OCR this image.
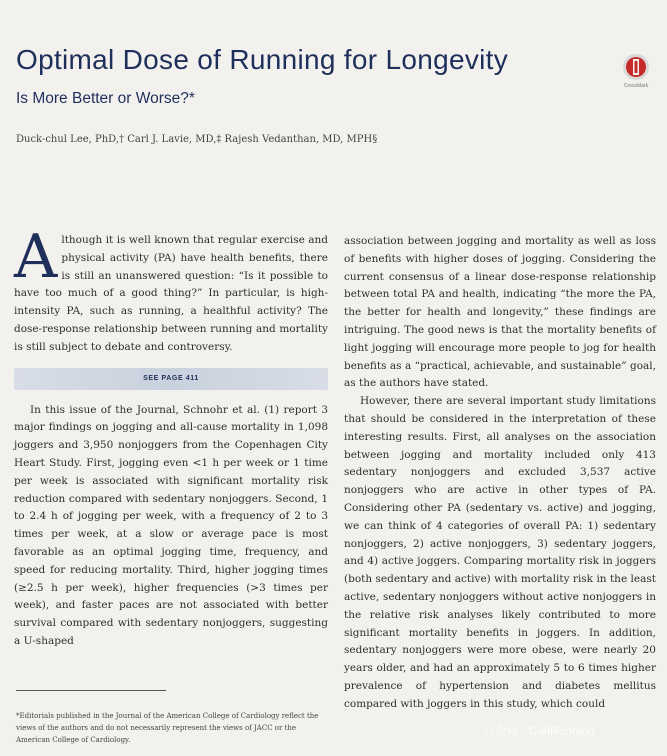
Optimal Dose of Running for Longevity
Is More Better or Worse?*
Duck-chul Lee, PhD,† Carl J. Lavie, MD,‡ Rajesh Vedanthan, MD, MPH§
CrossMark

Although it is well known that regular exercise and physical activity (PA) have health benefits, there is still an unanswered question: “Is it possible to have too much of a good thing?” In particular, is high-intensity PA, such as running, a healthful activity? The dose-response relationship between running and mortality is still subject to debate and controversy.

SEE PAGE 411

In this issue of the Journal, Schnohr et al. (1) report 3 major findings on jogging and all-cause mortality in 1,098 joggers and 3,950 nonjoggers from the Copenhagen City Heart Study. First, jogging even <1 h per week or 1 time per week is associated with significant mortality risk reduction compared with sedentary nonjoggers. Second, 1 to 2.4 h of jogging per week, with a frequency of 2 to 3 times per week, at a slow or average pace is most favorable as an optimal jogging time, frequency, and speed for reducing mortality. Third, higher jogging times (≥2.5 h per week), higher frequencies (>3 times per week), and faster paces are not associated with better survival compared with sedentary nonjoggers, suggesting a U-shaped

association between jogging and mortality as well as loss of benefits with higher doses of jogging. Considering the current consensus of a linear dose-response relationship between total PA and health, indicating “the more the PA, the better for health and longevity,” these findings are intriguing. The good news is that the mortality benefits of light jogging will encourage more people to jog for health benefits as a “practical, achievable, and sustainable” goal, as the authors have stated.

However, there are several important study limitations that should be considered in the interpretation of these interesting results. First, all analyses on the association between jogging and mortality included only 413 sedentary nonjoggers and excluded 3,537 active nonjoggers who are active in other types of PA. Considering other PA (sedentary vs. active) and jogging, we can think of 4 categories of overall PA: 1) sedentary nonjoggers, 2) active nonjoggers, 3) sedentary joggers, and 4) active joggers. Comparing mortality risk in joggers (both sedentary and active) with mortality risk in the least active, sedentary nonjoggers without active nonjoggers in the relative risk analyses likely contributed to more significant mortality benefits in joggers. In addition, sedentary nonjoggers were more obese, were nearly 20 years older, and had an approximately 5 to 6 times higher prevalence of hypertension and diabetes mellitus compared with joggers in this study, which could

*Editorials published in the Journal of the American College of Cardiology reflect the views of the authors and do not necessarily represent the views of JACC or the American College of Cardiology.
公众号 · CIelRunning
